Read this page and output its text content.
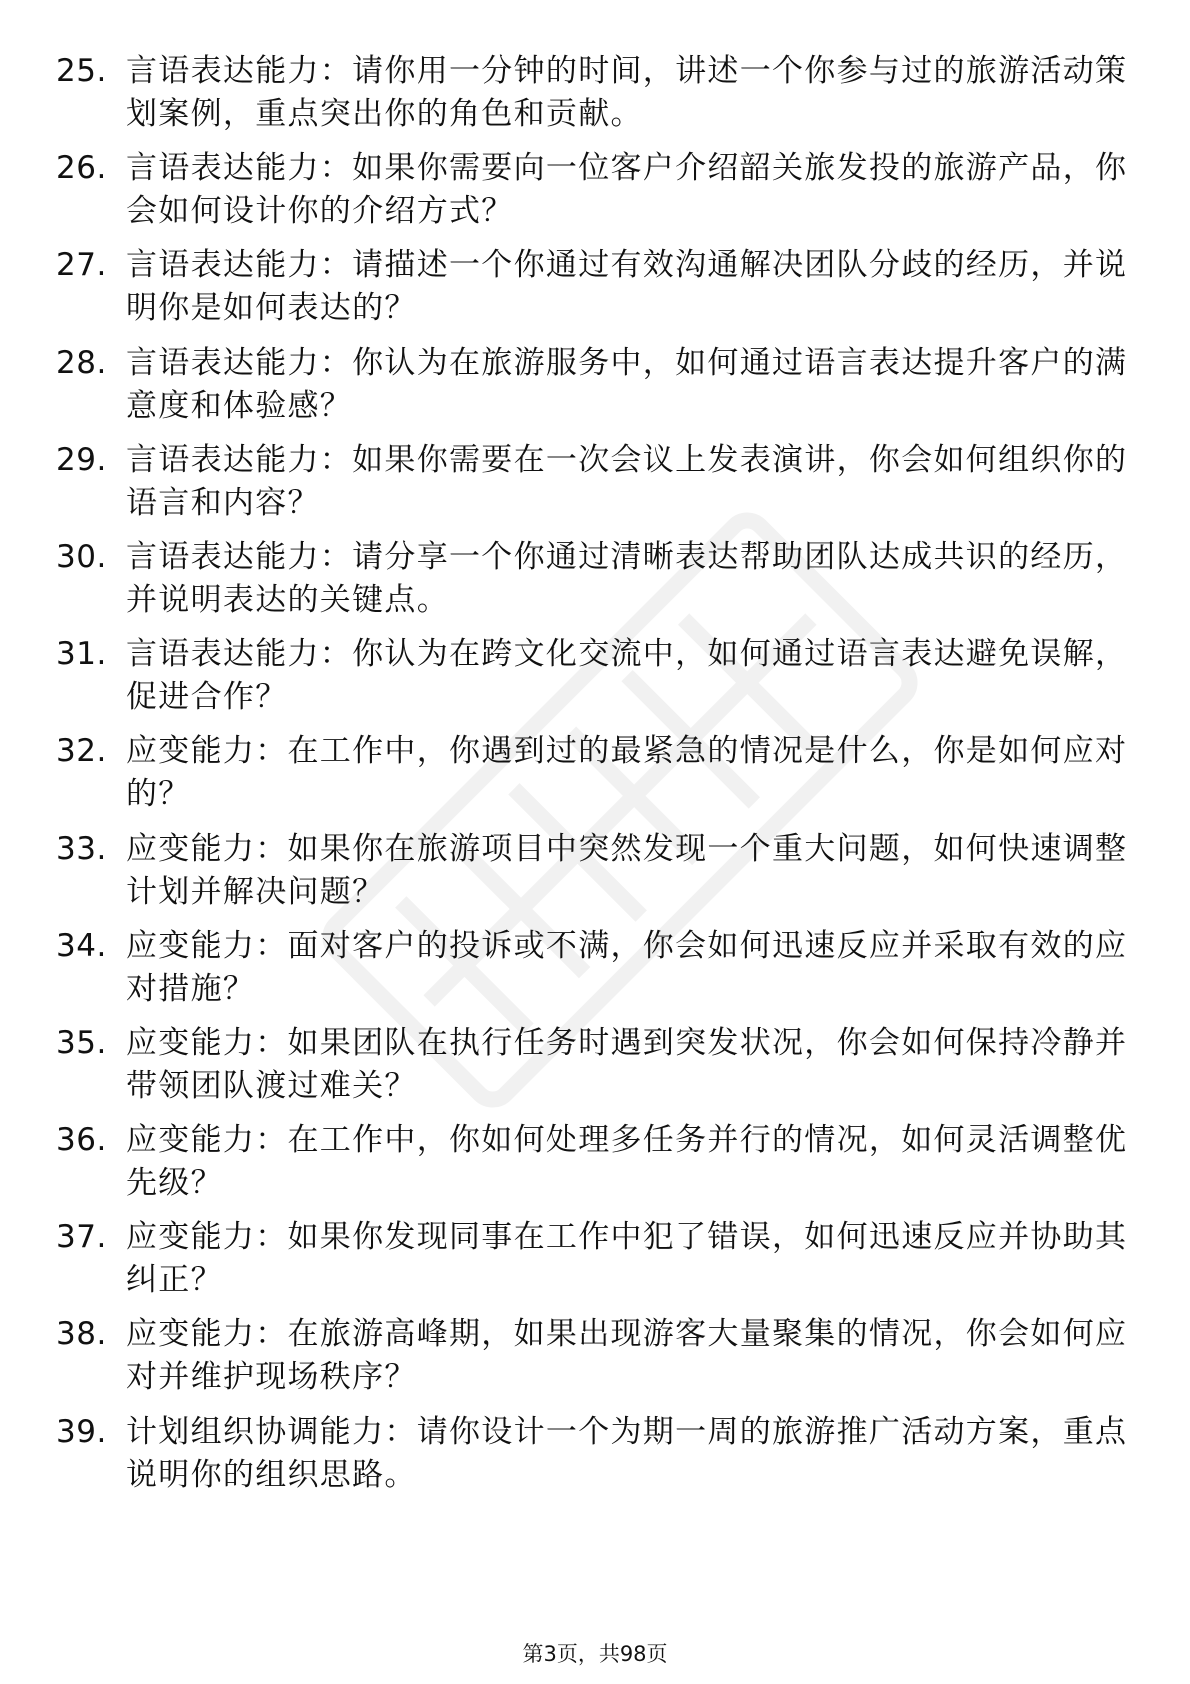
25. 言语表达能力：请你用一分钟的时间，讲述一个你参与过的旅游活动策划案例，重点突出你的角色和贡献。
26. 言语表达能力：如果你需要向一位客户介绍韶关旅发投的旅游产品，你会如何设计你的介绍方式？
27. 言语表达能力：请描述一个你通过有效沟通解决团队分歧的经历，并说明你是如何表达的？
28. 言语表达能力：你认为在旅游服务中，如何通过语言表达提升客户的满意度和体验感？
29. 言语表达能力：如果你需要在一次会议上发表演讲，你会如何组织你的语言和内容？
30. 言语表达能力：请分享一个你通过清晰表达帮助团队达成共识的经历，并说明表达的关键点。
31. 言语表达能力：你认为在跨文化交流中，如何通过语言表达避免误解，促进合作？
32. 应变能力：在工作中，你遇到过的最紧急的情况是什么，你是如何应对的？
33. 应变能力：如果你在旅游项目中突然发现一个重大问题，如何快速调整计划并解决问题？
34. 应变能力：面对客户的投诉或不满，你会如何迅速反应并采取有效的应对措施？
35. 应变能力：如果团队在执行任务时遇到突发状况，你会如何保持冷静并带领团队渡过难关？
36. 应变能力：在工作中，你如何处理多任务并行的情况，如何灵活调整优先级？
37. 应变能力：如果你发现同事在工作中犯了错误，如何迅速反应并协助其纠正？
38. 应变能力：在旅游高峰期，如果出现游客大量聚集的情况，你会如何应对并维护现场秩序？
39. 计划组织协调能力：请你设计一个为期一周的旅游推广活动方案，重点说明你的组织思路。
第3页，共98页
